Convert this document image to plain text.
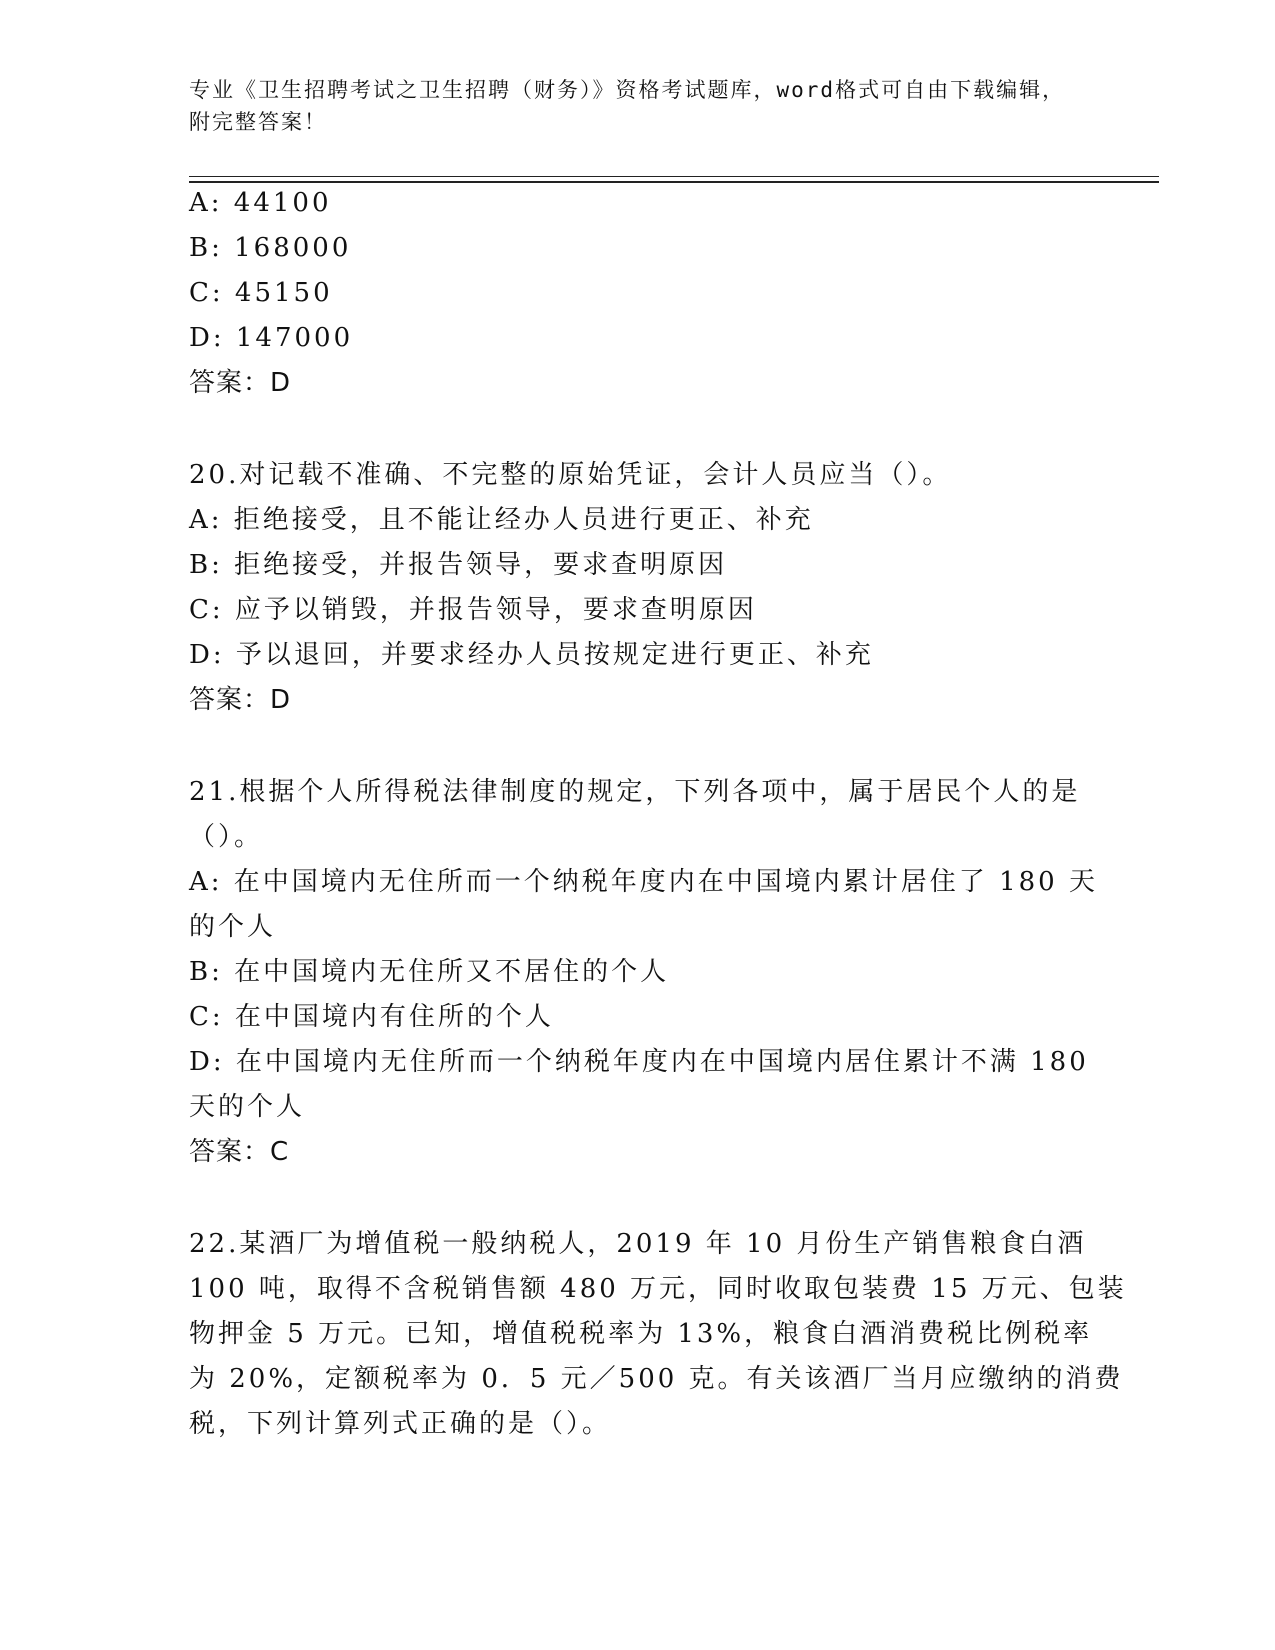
专业《卫生招聘考试之卫生招聘（财务）》资格考试题库，word格式可自由下载编辑，附完整答案！
A: 44100
B: 168000
C: 45150
D: 147000
答案：D
20.对记载不准确、不完整的原始凭证，会计人员应当（）。
A: 拒绝接受，且不能让经办人员进行更正、补充
B: 拒绝接受，并报告领导，要求查明原因
C: 应予以销毁，并报告领导，要求查明原因
D: 予以退回，并要求经办人员按规定进行更正、补充
答案：D
21.根据个人所得税法律制度的规定，下列各项中，属于居民个人的是
（）。
A: 在中国境内无住所而一个纳税年度内在中国境内累计居住了 180 天
的个人
B: 在中国境内无住所又不居住的个人
C: 在中国境内有住所的个人
D: 在中国境内无住所而一个纳税年度内在中国境内居住累计不满 180
天的个人
答案：C
22.某酒厂为增值税一般纳税人，2019 年 10 月份生产销售粮食白酒
100 吨，取得不含税销售额 480 万元，同时收取包装费 15 万元、包装
物押金 5 万元。已知，增值税税率为 13%，粮食白酒消费税比例税率
为 20%，定额税率为 0．5 元／500 克。有关该酒厂当月应缴纳的消费
税，下列计算列式正确的是（）。
